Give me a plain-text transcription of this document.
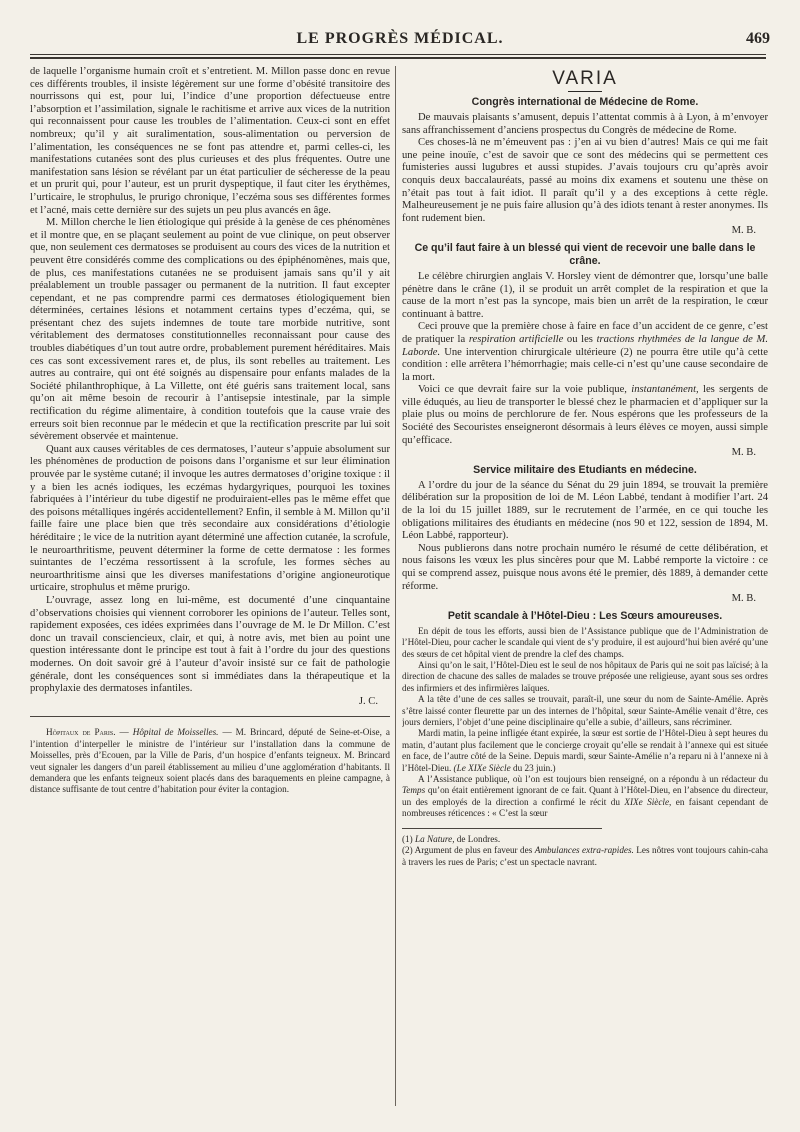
LE PROGRÈS MÉDICAL.	469

de laquelle l’organisme humain croît et s’entretient. M. Millon passe donc en revue ces différents troubles, il insiste légèrement sur une forme d’obésité transitoire des nourrissons qui est, pour lui, l’indice d’une proportion défectueuse entre l’absorption et l’assimilation, signale le rachitisme et arrive aux vices de la nutrition qui reconnaissent pour cause les troubles de l’alimentation. Ceux-ci sont en effet nombreux; qu’il y ait suralimentation, sous-alimentation ou perversion de l’alimentation, les conséquences ne se font pas attendre et, parmi celles-ci, les manifestations cutanées sont des plus curieuses et des plus fréquentes. Outre une manifestation sans lésion se révélant par un état particulier de sécheresse de la peau et un prurit qui, pour l’auteur, est un prurit dyspeptique, il faut citer les érythèmes, l’urticaire, le strophulus, le prurigo chronique, l’eczéma sous ses différentes formes et l’acné, mais cette dernière sur des sujets un peu plus avancés en âge.

M. Millon cherche le lien étiologique qui préside à la genèse de ces phénomènes et il montre que, en se plaçant seulement au point de vue clinique, on peut observer que, non seulement ces dermatoses se produisent au cours des vices de la nutrition et peuvent être considérés comme des complications ou des épiphénomènes, mais que, de plus, ces manifestations cutanées ne se produisent jamais sans qu’il y ait préalablement un trouble passager ou permanent de la nutrition. Il faut excepter cependant, et ne pas comprendre parmi ces dermatoses étiologiquement bien déterminées, certaines lésions et notamment certains types d’eczéma, qui, se présentant chez des sujets indemnes de toute tare morbide nutritive, sont véritablement des dermatoses constitutionnelles reconnaissant pour cause des troubles diabétiques d’un tout autre ordre, probablement purement héréditaires. Mais ces cas sont excessivement rares et, de plus, ils sont rebelles au traitement. Les autres au contraire, qui ont été soignés au dispensaire pour enfants malades de la Société philanthrophique, à La Villette, ont été guéris sans traitement local, sans qu’on ait même besoin de recourir à l’antisepsie intestinale, par la simple rectification du régime alimentaire, à condition toutefois que la cause vraie des erreurs soit bien reconnue par le médecin et que la rectification prescrite par lui soit sévèrement observée et maintenue.

Quant aux causes véritables de ces dermatoses, l’auteur s’appuie absolument sur les phénomènes de production de poisons dans l’organisme et sur leur élimination prouvée par le système cutané; il invoque les autres dermatoses d’origine toxique : il y a bien les acnés iodiques, les eczémas hydargyriques, pourquoi les toxines fabriquées à l’intérieur du tube digestif ne produiraient-elles pas le même effet que des poisons métalliques ingérés accidentellement? Enfin, il semble à M. Millon qu’il faille faire une place bien que très secondaire aux considérations d’étiologie héréditaire ; le vice de la nutrition ayant déterminé une affection cutanée, la scrofule, le neuroarthritisme, peuvent déterminer la forme de cette dermatose : les formes suintantes de l’eczéma ressortissent à la scrofule, les formes sèches au neuroarthritisme ainsi que les diverses manifestations d’origine angioneurotique urticaire, strophulus et même prurigo.

L’ouvrage, assez long en lui-même, est documenté d’une cinquantaine d’observations choisies qui viennent corroborer les opinions de l’auteur. Telles sont, rapidement exposées, ces idées exprimées dans l’ouvrage de M. le Dr Millon. C’est donc un travail consciencieux, clair, et qui, à notre avis, met bien au point une question intéressante dont le principe est tout à fait à l’ordre du jour des questions modernes. On doit savoir gré à l’auteur d’avoir insisté sur ce fait de pathologie générale, dont les conséquences sont si immédiates dans la thérapeutique et la prophylaxie des dermatoses infantiles.

J. C.

Hôpitaux de Paris. — Hôpital de Moisselles. — M. Brincard, député de Seine-et-Oise, a l’intention d’interpeller le ministre de l’intérieur sur l’installation dans la commune de Moisselles, près d’Ecouen, par la Ville de Paris, d’un hospice d’enfants teigneux. M. Brincard veut signaler les dangers d’un pareil établissement au milieu d’une agglomération d’habitants. Il demandera que les enfants teigneux soient placés dans des baraquements en pleine campagne, à distance suffisante de tout centre d’habitation pour éviter la contagion.

VARIA
Congrès international de Médecine de Rome.

De mauvais plaisants s’amusent, depuis l’attentat commis à à Lyon, à m’envoyer sans affranchissement d’anciens prospectus du Congrès de médecine de Rome.

Ces choses-là ne m’émeuvent pas : j’en ai vu bien d’autres! Mais ce qui me fait une peine inouïe, c’est de savoir que ce sont des médecins qui se permettent ces fumisteries aussi lugubres et aussi stupides. J’avais toujours cru qu’après avoir conquis deux baccalauréats, passé au moins dix examens et soutenu une thèse on n’était pas tout à fait idiot. Il paraît qu’il y a des exceptions à cette règle. Malheureusement je ne puis faire allusion qu’à des idiots tenant à rester anonymes. Ils font rudement bien.

M. B.

Ce qu’il faut faire à un blessé qui vient de recevoir une balle dans le crâne.

Le célèbre chirurgien anglais V. Horsley vient de démontrer que, lorsqu’une balle pénètre dans le crâne (1), il se produit un arrêt complet de la respiration et que la cause de la mort n’est pas la syncope, mais bien un arrêt de la respiration, le cœur continuant à battre.

Ceci prouve que la première chose à faire en face d’un accident de ce genre, c’est de pratiquer la respiration artificielle ou les tractions rhythmées de la langue de M. Laborde. Une intervention chirurgicale ultérieure (2) ne pourra être utile qu’à cette condition : elle arrêtera l’hémorrhagie; mais celle-ci n’est qu’une cause secondaire de la mort.

Voici ce que devrait faire sur la voie publique, instantanément, les sergents de ville éduqués, au lieu de transporter le blessé chez le pharmacien et d’appliquer sur la plaie plus ou moins de perchlorure de fer. Nous espérons que les professeurs de la Société des Secouristes enseigneront désormais à leurs élèves ce moyen, aussi simple qu’efficace.

M. B.

Service militaire des Etudiants en médecine.

A l’ordre du jour de la séance du Sénat du 29 juin 1894, se trouvait la première délibération sur la proposition de loi de M. Léon Labbé, tendant à modifier l’art. 24 de la loi du 15 juillet 1889, sur le recrutement de l’armée, en ce qui touche les obligations militaires des étudiants en médecine (nos 90 et 122, session de 1894, M. Léon Labbé, rapporteur).

Nous publierons dans notre prochain numéro le résumé de cette délibération, et nous faisons les vœux les plus sincères pour que M. Labbé remporte la victoire : ce qui se comprend assez, puisque nous avons été le premier, dès 1889, à demander cette réforme.

M. B.

Petit scandale à l’Hôtel-Dieu : Les Sœurs amoureuses.

En dépit de tous les efforts, aussi bien de l’Assistance publique que de l’Administration de l’Hôtel-Dieu, pour cacher le scandale qui vient de s’y produire, il est aujourd’hui bien avéré qu’une des sœurs de cet hôpital vient de prendre la clef des champs.

Ainsi qu’on le sait, l’Hôtel-Dieu est le seul de nos hôpitaux de Paris qui ne soit pas laïcisé; à la direction de chacune des salles de malades se trouve préposée une religieuse, ayant sous ses ordres des infirmiers et des infirmières laïques.

A la tête d’une de ces salles se trouvait, paraît-il, une sœur du nom de Sainte-Amélie. Après s’être laissé conter fleurette par un des internes de l’hôpital, sœur Sainte-Amélie venait d’être, ces jours derniers, l’objet d’une peine disciplinaire qu’elle a subie, d’ailleurs, sans récriminer.

Mardi matin, la peine infligée étant expirée, la sœur est sortie de l’Hôtel-Dieu à sept heures du matin, d’autant plus facilement que le concierge croyait qu’elle se rendait à l’annexe qui est située en face, de l’autre côté de la Seine. Depuis mardi, sœur Sainte-Amélie n’a reparu ni à l’annexe ni à l’Hôtel-Dieu. (Le XIXe Siècle du 23 juin.)

A l’Assistance publique, où l’on est toujours bien renseigné, on a répondu à un rédacteur du Temps qu’on était entièrement ignorant de ce fait. Quant à l’Hôtel-Dieu, en l’absence du directeur, un des employés de la direction a confirmé le récit du XIXe Siècle, en faisant cependant de nombreuses réticences : « C’est la sœur

(1) La Nature, de Londres.

(2) Argument de plus en faveur des Ambulances extra-rapides. Les nôtres vont toujours cahin-caha à travers les rues de Paris; c’est un spectacle navrant.
